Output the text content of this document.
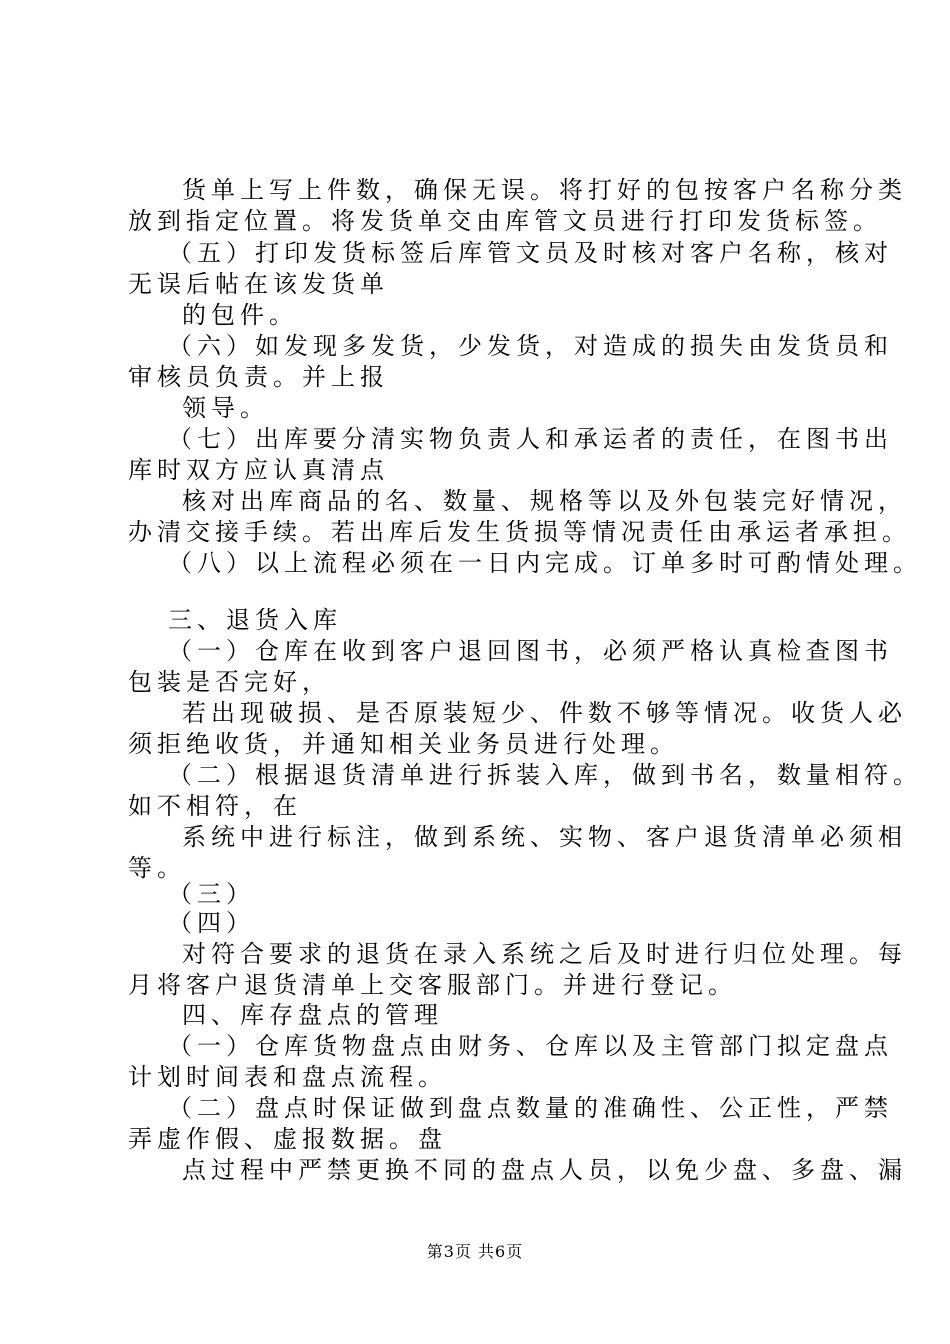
货单上写上件数，确保无误。将打好的包按客户名称分类
放到指定位置。将发货单交由库管文员进行打印发货标签。
（五）打印发货标签后库管文员及时核对客户名称，核对
无误后帖在该发货单
的包件。
（六）如发现多发货，少发货，对造成的损失由发货员和
审核员负责。并上报
领导。
（七）出库要分清实物负责人和承运者的责任，在图书出
库时双方应认真清点
核对出库商品的名、数量、规格等以及外包装完好情况，
办清交接手续。若出库后发生货损等情况责任由承运者承担。
（八）以上流程必须在一日内完成。订单多时可酌情处理。
三、退货入库
（一）仓库在收到客户退回图书，必须严格认真检查图书
包装是否完好，
若出现破损、是否原装短少、件数不够等情况。收货人必
须拒绝收货，并通知相关业务员进行处理。
（二）根据退货清单进行拆装入库，做到书名，数量相符。
如不相符，在
系统中进行标注，做到系统、实物、客户退货清单必须相
等。
（三）
（四）
对符合要求的退货在录入系统之后及时进行归位处理。每
月将客户退货清单上交客服部门。并进行登记。
四、库存盘点的管理
（一）仓库货物盘点由财务、仓库以及主管部门拟定盘点
计划时间表和盘点流程。
（二）盘点时保证做到盘点数量的准确性、公正性，严禁
弄虚作假、虚报数据。盘
点过程中严禁更换不同的盘点人员，以免少盘、多盘、漏
第3页 共6页
